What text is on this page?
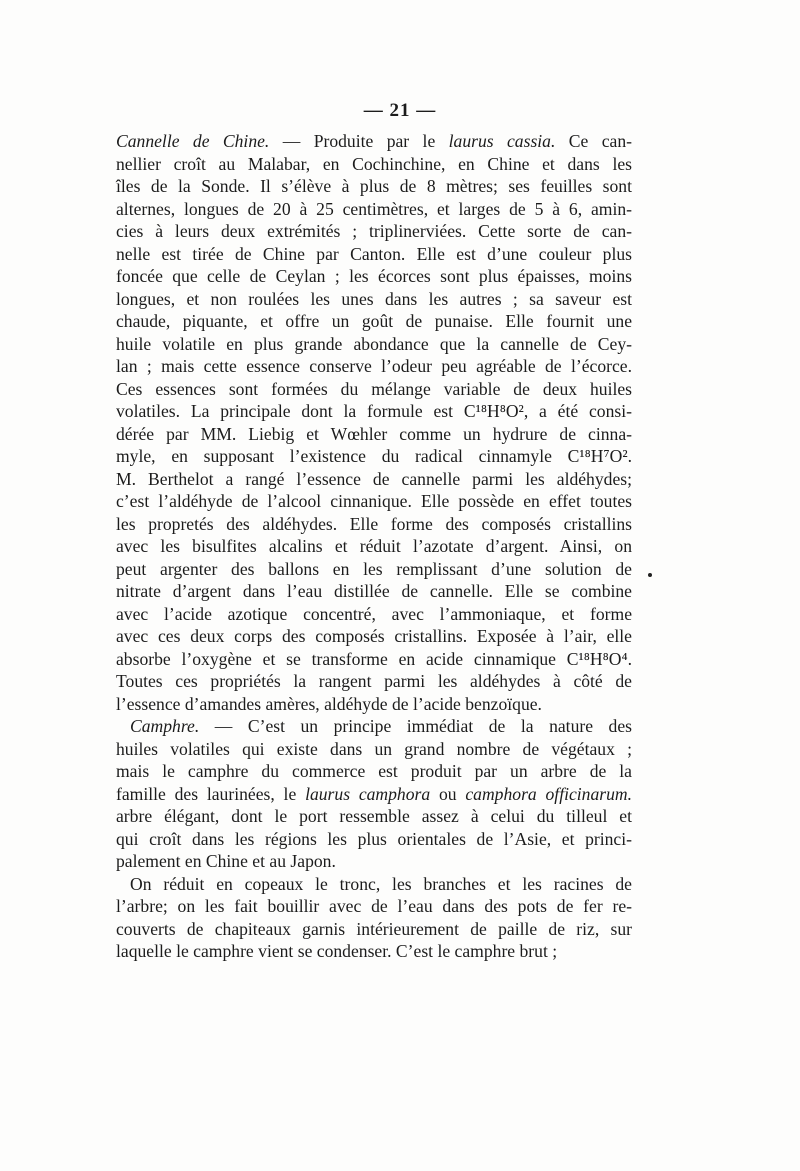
— 21 —
Cannelle de Chine. — Produite par le laurus cassia. Ce can-
nellier croît au Malabar, en Cochinchine, en Chine et dans les
îles de la Sonde. Il s’élève à plus de 8 mètres; ses feuilles sont
alternes, longues de 20 à 25 centimètres, et larges de 5 à 6, amin-
cies à leurs deux extrémités ; triplinerviées. Cette sorte de can-
nelle est tirée de Chine par Canton. Elle est d’une couleur plus
foncée que celle de Ceylan ; les écorces sont plus épaisses, moins
longues, et non roulées les unes dans les autres ; sa saveur est
chaude, piquante, et offre un goût de punaise. Elle fournit une
huile volatile en plus grande abondance que la cannelle de Cey-
lan ; mais cette essence conserve l’odeur peu agréable de l’écorce.
Ces essences sont formées du mélange variable de deux huiles
volatiles. La principale dont la formule est C¹⁸H⁸O², a été consi-
dérée par MM. Liebig et Wœhler comme un hydrure de cinna-
myle, en supposant l’existence du radical cinnamyle C¹⁸H⁷O².
M. Berthelot a rangé l’essence de cannelle parmi les aldéhydes;
c’est l’aldéhyde de l’alcool cinnanique. Elle possède en effet toutes
les propretés des aldéhydes. Elle forme des composés cristallins
avec les bisulfites alcalins et réduit l’azotate d’argent. Ainsi, on
peut argenter des ballons en les remplissant d’une solution de
nitrate d’argent dans l’eau distillée de cannelle. Elle se combine
avec l’acide azotique concentré, avec l’ammoniaque, et forme
avec ces deux corps des composés cristallins. Exposée à l’air, elle
absorbe l’oxygène et se transforme en acide cinnamique C¹⁸H⁸O⁴.
Toutes ces propriétés la rangent parmi les aldéhydes à côté de
l’essence d’amandes amères, aldéhyde de l’acide benzoïque.
Camphre. — C’est un principe immédiat de la nature des
huiles volatiles qui existe dans un grand nombre de végétaux ;
mais le camphre du commerce est produit par un arbre de la
famille des laurinées, le laurus camphora ou camphora officinarum.
arbre élégant, dont le port ressemble assez à celui du tilleul et
qui croît dans les régions les plus orientales de l’Asie, et princi-
palement en Chine et au Japon.
On réduit en copeaux le tronc, les branches et les racines de
l’arbre; on les fait bouillir avec de l’eau dans des pots de fer re-
couverts de chapiteaux garnis intérieurement de paille de riz, sur
laquelle le camphre vient se condenser. C’est le camphre brut ;
